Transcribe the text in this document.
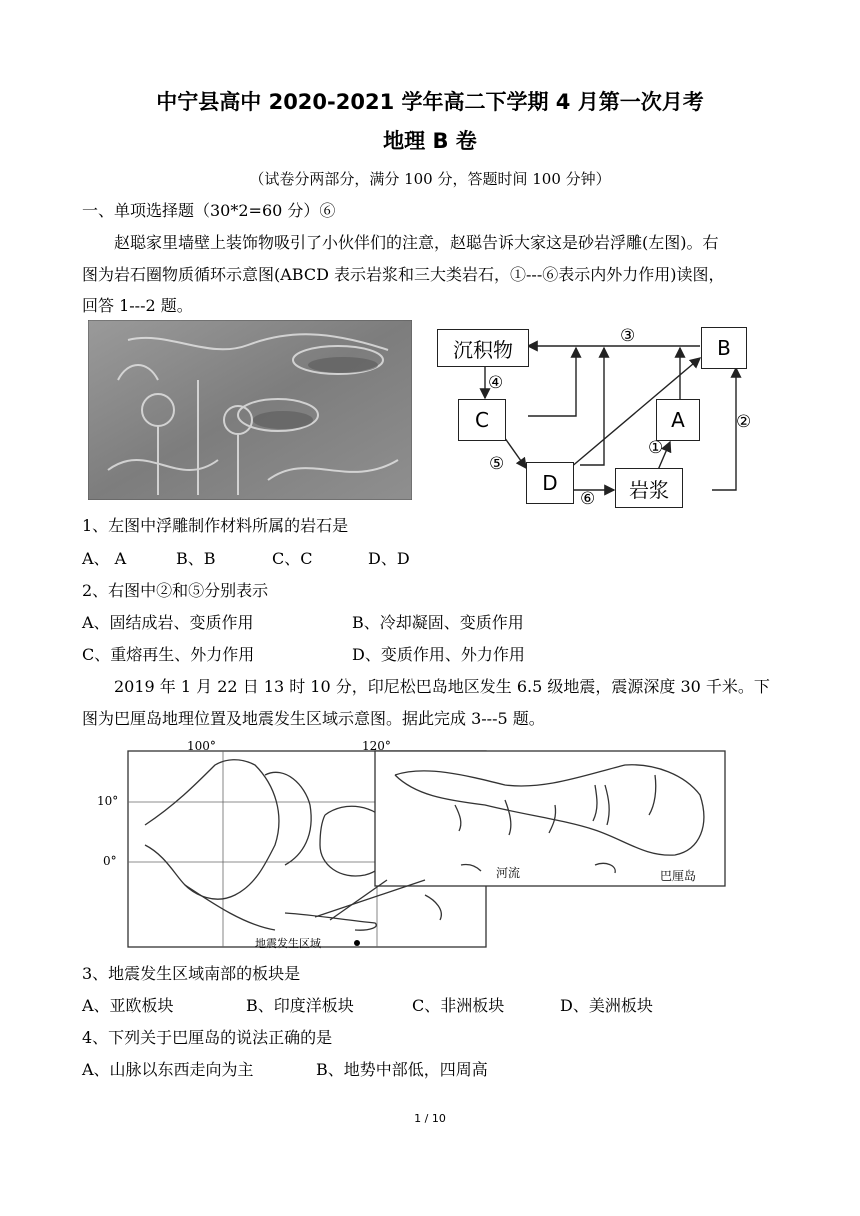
中宁县高中 2020-2021 学年高二下学期 4 月第一次月考
地理 B 卷
（试卷分两部分，满分 100 分，答题时间 100 分钟）
一、单项选择题（30*2=60 分）⑥
赵聪家里墙壁上装饰物吸引了小伙伴们的注意，赵聪告诉大家这是砂岩浮雕(左图)。右
图为岩石圈物质循环示意图(ABCD 表示岩浆和三大类岩石，①---⑥表示内外力作用)读图，
回答 1---2 题。
沉积物	B
C	A
D	岩浆
③
④
⑤
⑥
①
②
1、左图中浮雕制作材料所属的岩石是
A、 A	B、B	C、C	D、D
2、右图中②和⑤分别表示
A、固结成岩、变质作用	B、冷却凝固、变质作用
C、重熔再生、外力作用	D、变质作用、外力作用
2019 年 1 月 22 日 13 时 10 分，印尼松巴岛地区发生 6.5 级地震，震源深度 30 千米。下
图为巴厘岛地理位置及地震发生区域示意图。据此完成 3---5 题。
100°	120°
10°
0°
地震发生区域
河流	巴厘岛
3、地震发生区域南部的板块是
A、亚欧板块	B、印度洋板块	C、非洲板块	D、美洲板块
4、下列关于巴厘岛的说法正确的是
A、山脉以东西走向为主	B、地势中部低，四周高
1 / 10
